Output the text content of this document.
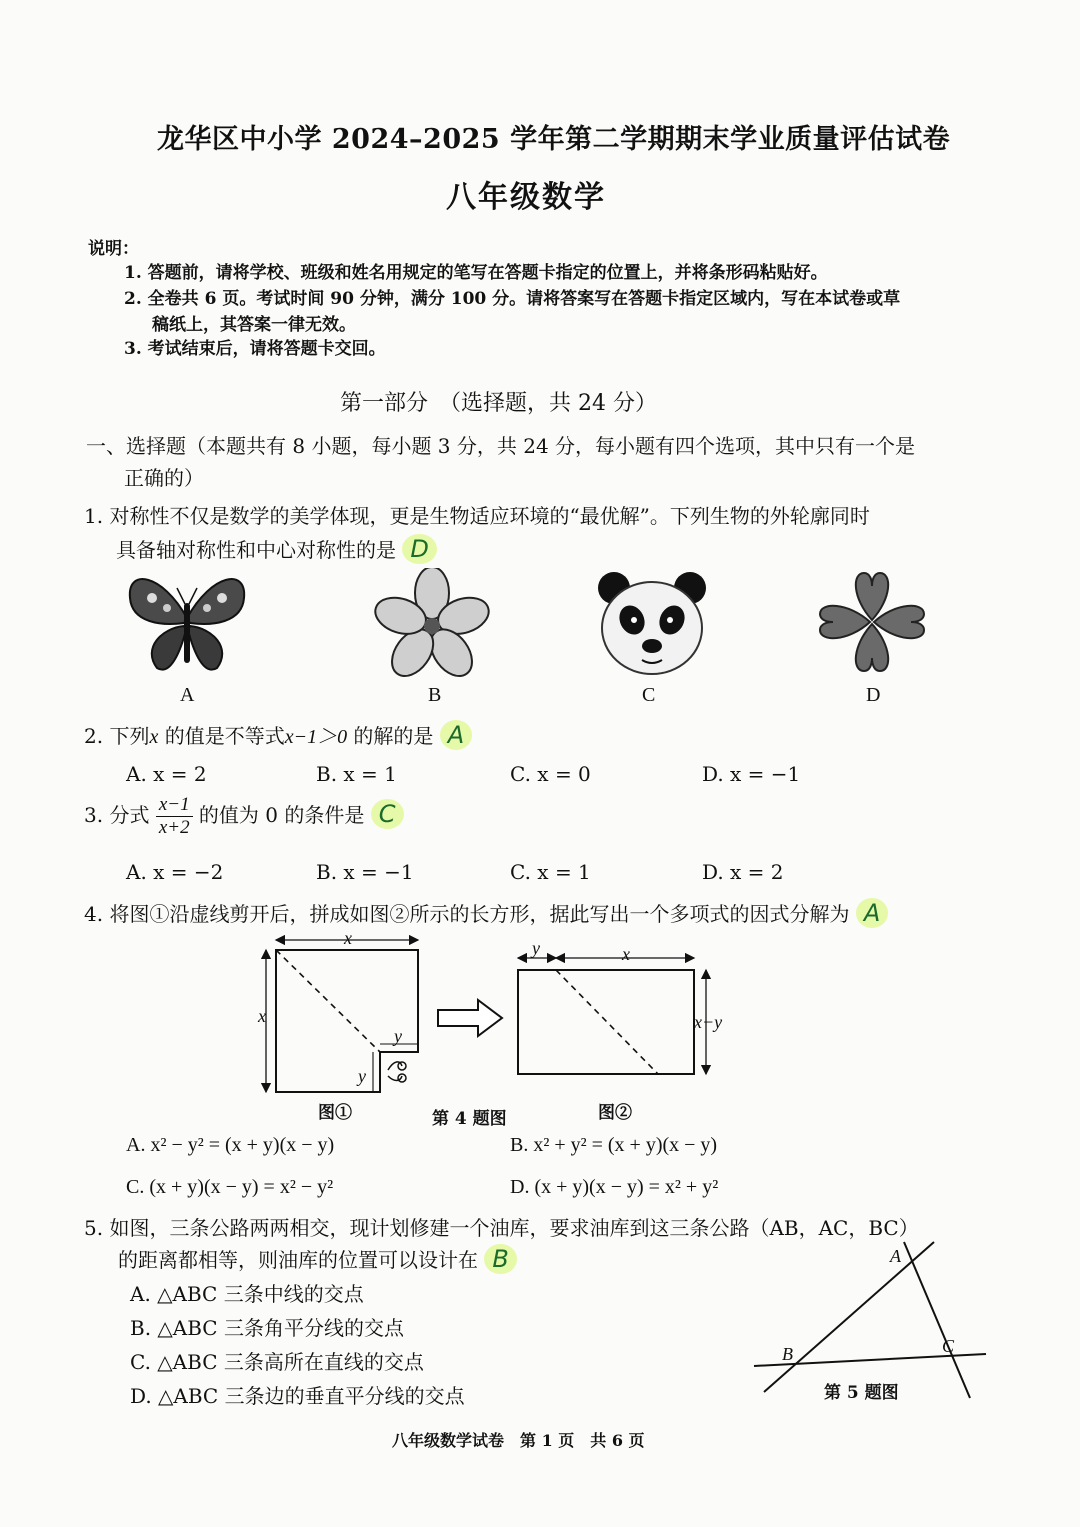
龙华区中小学 2024–2025 学年第二学期期末学业质量评估试卷
八年级数学
说明：
1. 答题前，请将学校、班级和姓名用规定的笔写在答题卡指定的位置上，并将条形码粘贴好。
2. 全卷共 6 页。考试时间 90 分钟，满分 100 分。请将答案写在答题卡指定区域内，写在本试卷或草
稿纸上，其答案一律无效。
3. 考试结束后，请将答题卡交回。
第一部分　（选择题，共 24 分）
一、选择题（本题共有 8 小题，每小题 3 分，共 24 分，每小题有四个选项，其中只有一个是
正确的）
1. 对称性不仅是数学的美学体现，更是生物适应环境的“最优解”。下列生物的外轮廓同时
具备轴对称性和中心对称性的是 D
A	B	C	D
2. 下列x 的值是不等式x−1＞0 的解的是 A
A. x = 2	B. x = 1	C. x = 0	D. x = −1
3. 分式 $\frac{x-1}{x+2}$ 的值为 0 的条件是 C
A. x = −2	B. x = −1	C. x = 1	D. x = 2
4. 将图①沿虚线剪开后，拼成如图②所示的长方形，据此写出一个多项式的因式分解为 A
x
x
y
y
y	x
x−y
图①	第 4 题图	图②
A. x² − y² = (x + y)(x − y)	B. x² + y² = (x + y)(x − y)
C. (x + y)(x − y) = x² − y²	D. (x + y)(x − y) = x² + y²
5. 如图，三条公路两两相交，现计划修建一个油库，要求油库到这三条公路（AB，AC，BC）
的距离都相等，则油库的位置可以设计在 B
A. △ABC 三条中线的交点
B. △ABC 三条角平分线的交点
C. △ABC 三条高所在直线的交点
D. △ABC 三条边的垂直平分线的交点
A
B	C
第 5 题图
八年级数学试卷　第 1 页　共 6 页
